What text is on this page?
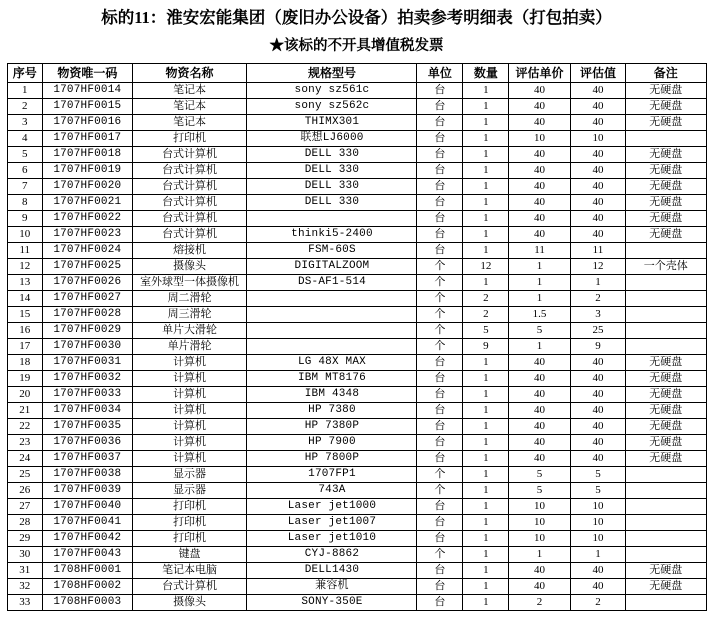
标的11：淮安宏能集团（废旧办公设备）拍卖参考明细表（打包拍卖）
★该标的不开具增值税发票
序号	物资唯一码	物资名称	规格型号	单位	数量	评估单价	评估值	备注
1	1707HF0014	笔记本	sony sz561c	台	1	40	40	无硬盘
2	1707HF0015	笔记本	sony sz562c	台	1	40	40	无硬盘
3	1707HF0016	笔记本	THIMX301	台	1	40	40	无硬盘
4	1707HF0017	打印机	联想LJ6000	台	1	10	10	
5	1707HF0018	台式计算机	DELL 330	台	1	40	40	无硬盘
6	1707HF0019	台式计算机	DELL 330	台	1	40	40	无硬盘
7	1707HF0020	台式计算机	DELL 330	台	1	40	40	无硬盘
8	1707HF0021	台式计算机	DELL 330	台	1	40	40	无硬盘
9	1707HF0022	台式计算机		台	1	40	40	无硬盘
10	1707HF0023	台式计算机	thinki5-2400	台	1	40	40	无硬盘
11	1707HF0024	熔接机	FSM-60S	台	1	11	11	
12	1707HF0025	摄像头	DIGITALZOOM	个	12	1	12	一个壳体
13	1707HF0026	室外球型一体摄像机	DS-AF1-514	个	1	1	1	
14	1707HF0027	周二滑轮		个	2	1	2	
15	1707HF0028	周三滑轮		个	2	1.5	3	
16	1707HF0029	单片大滑轮		个	5	5	25	
17	1707HF0030	单片滑轮		个	9	1	9	
18	1707HF0031	计算机	LG 48X MAX	台	1	40	40	无硬盘
19	1707HF0032	计算机	IBM MT8176	台	1	40	40	无硬盘
20	1707HF0033	计算机	IBM 4348	台	1	40	40	无硬盘
21	1707HF0034	计算机	HP 7380	台	1	40	40	无硬盘
22	1707HF0035	计算机	HP 7380P	台	1	40	40	无硬盘
23	1707HF0036	计算机	HP 7900	台	1	40	40	无硬盘
24	1707HF0037	计算机	HP 7800P	台	1	40	40	无硬盘
25	1707HF0038	显示器	1707FP1	个	1	5	5	
26	1707HF0039	显示器	743A	个	1	5	5	
27	1707HF0040	打印机	Laser jet1000	台	1	10	10	
28	1707HF0041	打印机	Laser jet1007	台	1	10	10	
29	1707HF0042	打印机	Laser jet1010	台	1	10	10	
30	1707HF0043	键盘	CYJ-8862	个	1	1	1	
31	1708HF0001	笔记本电脑	DELL1430	台	1	40	40	无硬盘
32	1708HF0002	台式计算机	兼容机	台	1	40	40	无硬盘
33	1708HF0003	摄像头	SONY-350E	台	1	2	2	
